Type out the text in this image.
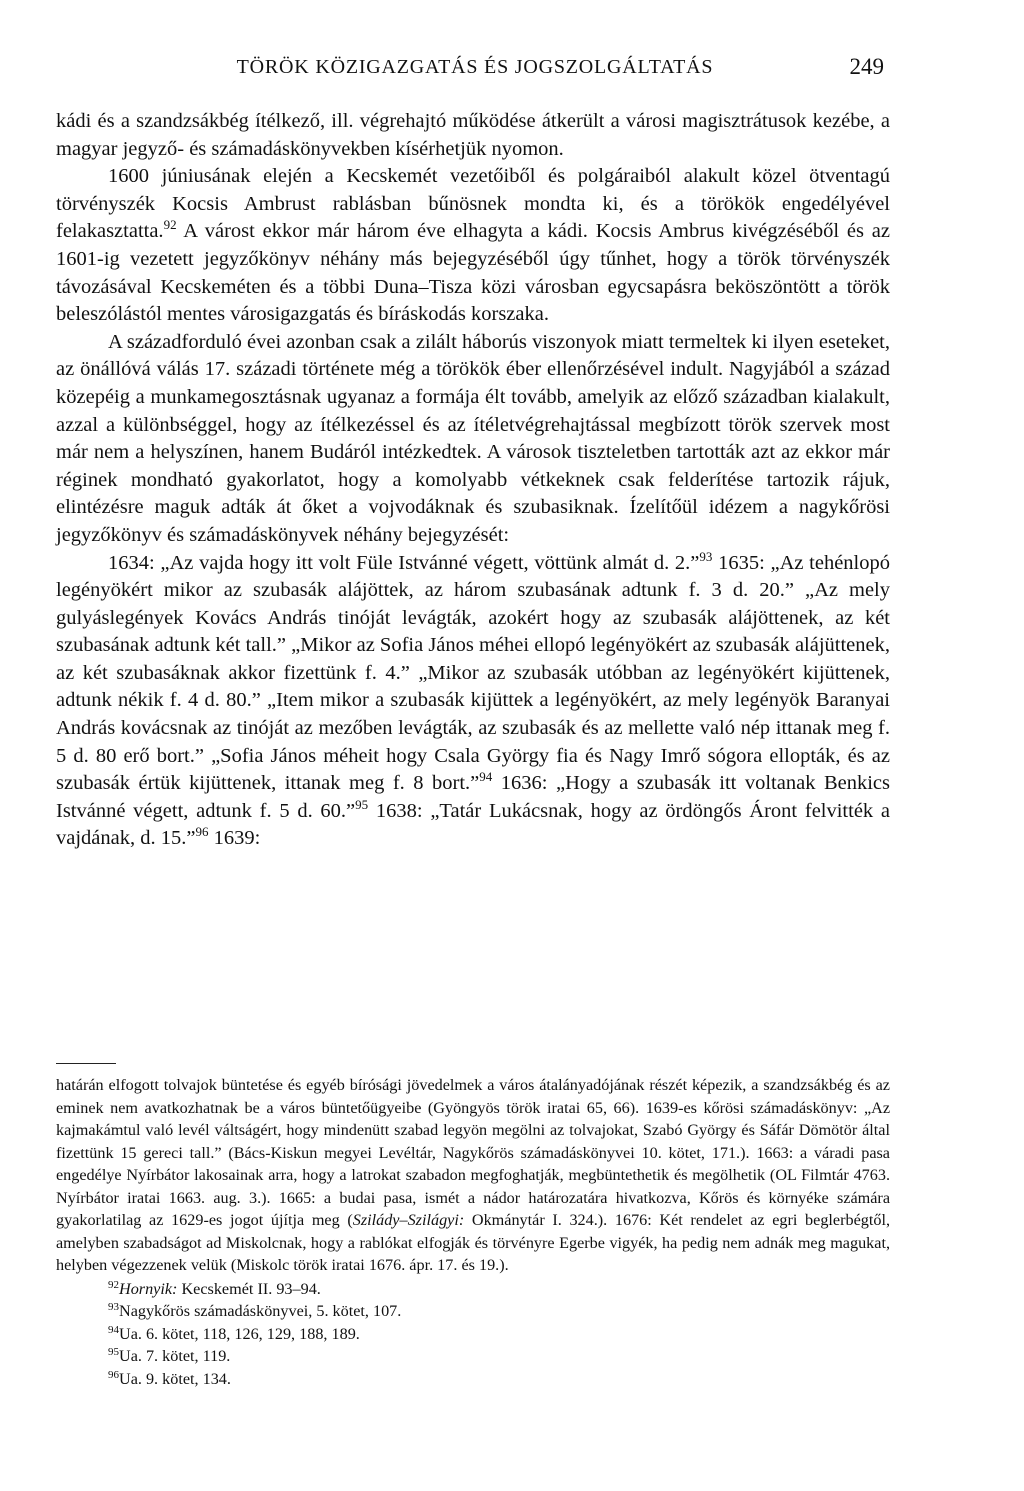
TÖRÖK KÖZIGAZGATÁS ÉS JOGSZOLGÁLTATÁS	249

kádi és a szandzsákbég ítélkező, ill. végrehajtó működése átkerült a városi magisztrátusok kezébe, a magyar jegyző- és számadáskönyvekben kísérhetjük nyomon.

1600 júniusának elején a Kecskemét vezetőiből és polgáraiból alakult közel ötventagú törvényszék Kocsis Ambrust rablásban bűnösnek mondta ki, és a törökök engedélyével felakasztatta.$^{92}$ A várost ekkor már három éve elhagyta a kádi. Kocsis Ambrus kivégzéséből és az 1601-ig vezetett jegyzőkönyv néhány más bejegyzéséből úgy tűnhet, hogy a török törvényszék távozásával Kecskeméten és a többi Duna–Tisza közi városban egycsapásra beköszöntött a török beleszólástól mentes városigazgatás és bíráskodás korszaka.

A századforduló évei azonban csak a zilált háborús viszonyok miatt termeltek ki ilyen eseteket, az önállóvá válás 17. századi története még a törökök éber ellenőrzésével indult. Nagyjából a század közepéig a munkamegosztásnak ugyanaz a formája élt tovább, amelyik az előző században kialakult, azzal a különbséggel, hogy az ítélkezéssel és az ítéletvégrehajtással megbízott török szervek most már nem a helyszínen, hanem Budáról intézkedtek. A városok tiszteletben tartották azt az ekkor már réginek mondható gyakorlatot, hogy a komolyabb vétkeknek csak felderítése tartozik rájuk, elintézésre maguk adták át őket a vojvodáknak és szubasiknak. Ízelítőül idézem a nagykőrösi jegyzőkönyv és számadáskönyvek néhány bejegyzését:

1634: „Az vajda hogy itt volt Füle Istvánné végett, vöttünk almát d. 2.”$^{93}$ 1635: „Az tehénlopó legényökért mikor az szubasák alájöttek, az három szubasának adtunk f. 3 d. 20.” „Az mely gulyáslegények Kovács András tinóját levágták, azokért hogy az szubasák alájöttenek, az két szubasának adtunk két tall.” „Mikor az Sofia János méhei ellopó legényökért az szubasák alájüttenek, az két szubasáknak akkor fizettünk f. 4.” „Mikor az szubasák utóbban az legényökért kijüttenek, adtunk nékik f. 4 d. 80.” „Item mikor a szubasák kijüttek a legényökért, az mely legényök Baranyai András kovácsnak az tinóját az mezőben levágták, az szubasák és az mellette való nép ittanak meg f. 5 d. 80 erő bort.” „Sofia János méheit hogy Csala György fia és Nagy Imrő sógora ellopták, és az szubasák értük kijüttenek, ittanak meg f. 8 bort.”$^{94}$ 1636: „Hogy a szubasák itt voltanak Benkics Istvánné végett, adtunk f. 5 d. 60.”$^{95}$ 1638: „Tatár Lukácsnak, hogy az ördöngős Áront felvitték a vajdának, d. 15.”$^{96}$ 1639:

határán elfogott tolvajok büntetése és egyéb bírósági jövedelmek a város átalányadójának részét képezik, a szandzsákbég és az eminek nem avatkozhatnak be a város büntetőügyeibe (Gyöngyös török iratai 65, 66). 1639-es kőrösi számadáskönyv: „Az kajmakámtul való levél váltságért, hogy mindenütt szabad legyön megölni az tolvajokat, Szabó György és Sáfár Dömötör által fizettünk 15 gereci tall.” (Bács-Kiskun megyei Levéltár, Nagykőrös számadáskönyvei 10. kötet, 171.). 1663: a váradi pasa engedélye Nyírbátor lakosainak arra, hogy a latrokat szabadon megfoghatják, megbüntethetik és megölhetik (OL Filmtár 4763. Nyírbátor iratai 1663. aug. 3.). 1665: a budai pasa, ismét a nádor határozatára hivatkozva, Kőrös és környéke számára gyakorlatilag az 1629-es jogot újítja meg (Szilády–Szilágyi: Okmánytár I. 324.). 1676: Két rendelet az egri beglerbégtől, amelyben szabadságot ad Miskolcnak, hogy a rablókat elfogják és törvényre Egerbe vigyék, ha pedig nem adnák meg magukat, helyben végezzenek velük (Miskolc török iratai 1676. ápr. 17. és 19.).
$^{92}$Hornyik: Kecskemét II. 93–94.
$^{93}$Nagykőrös számadáskönyvei, 5. kötet, 107.
$^{94}$Ua. 6. kötet, 118, 126, 129, 188, 189.
$^{95}$Ua. 7. kötet, 119.
$^{96}$Ua. 9. kötet, 134.
